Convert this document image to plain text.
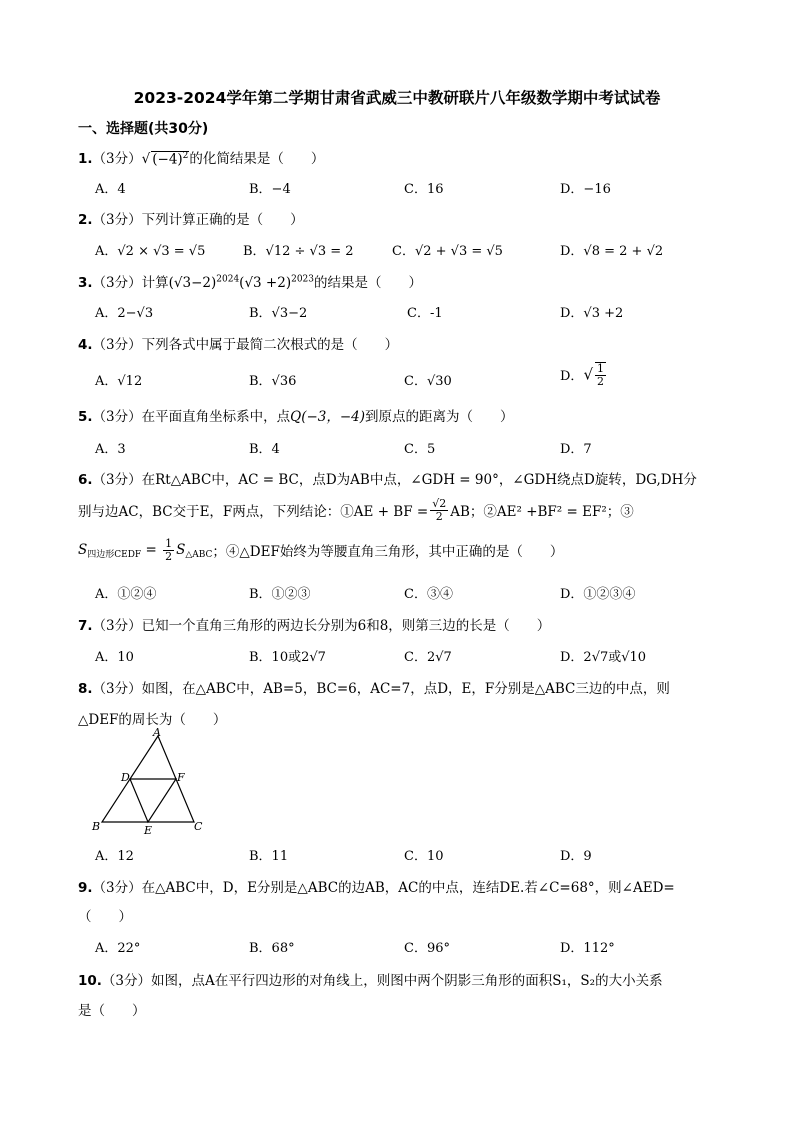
2023-2024学年第二学期甘肃省武威三中教研联片八年级数学期中考试试卷
一、选择题(共30分)
1.（3分）√ $(-4)^2$的化简结果是（　　）
A．4	B．−4	C．16	D．−16
2.（3分）下列计算正确的是（　　）
A．√2 × √3 = √5	B．√12 ÷ √3 = 2	C．√2 + √3 = √5	D．√8 = 2 + √2
3.（3分）计算$(√3-2)^{2024}(√3 +2)^{2023}$的结果是（　　）
A．2−√3	B．√3−2	C．-1	D．√3 +2
4.（3分）下列各式中属于最简二次根式的是（　　）
A．√12	B．√36	C．√30	D．√ $\frac{1}{2}$
5.（3分）在平面直角坐标系中，点Q(−3，−4)到原点的距离为（　　）
A．3	B．4	C．5	D．7
6.（3分）在Rt△ABC中，AC = BC，点D为AB中点，∠GDH = 90°，∠GDH绕点D旋转，DG,DH分
别与边AC，BC交于E，F两点，下列结论：①AE + BF = $\frac{√2}{2}$ AB；②AE² +BF² = EF²；③
$S_{四边形CEDF} = \frac{1}{2} S_{\triangle ABC}$；④△DEF始终为等腰直角三角形，其中正确的是（　　）
A．①②④	B．①②③	C．③④	D．①②③④
7.（3分）已知一个直角三角形的两边长分别为6和8，则第三边的长是（　　）
A．10	B．10或2√7	C．2√7	D．2√7或√10
8.（3分）如图，在△ABC中，AB=5，BC=6，AC=7，点D，E，F分别是△ABC三边的中点，则
△DEF的周长为（　　）
A
B	C
D
E
F
A．12	B．11	C．10	D．9
9.（3分）在△ABC中，D，E分别是△ABC的边AB，AC的中点，连结DE.若∠C=68°，则∠AED=
（　　）
A．22°	B．68°	C．96°	D．112°
10.（3分）如图，点A在平行四边形的对角线上，则图中两个阴影三角形的面积S₁，S₂的大小关系
是（　　）
